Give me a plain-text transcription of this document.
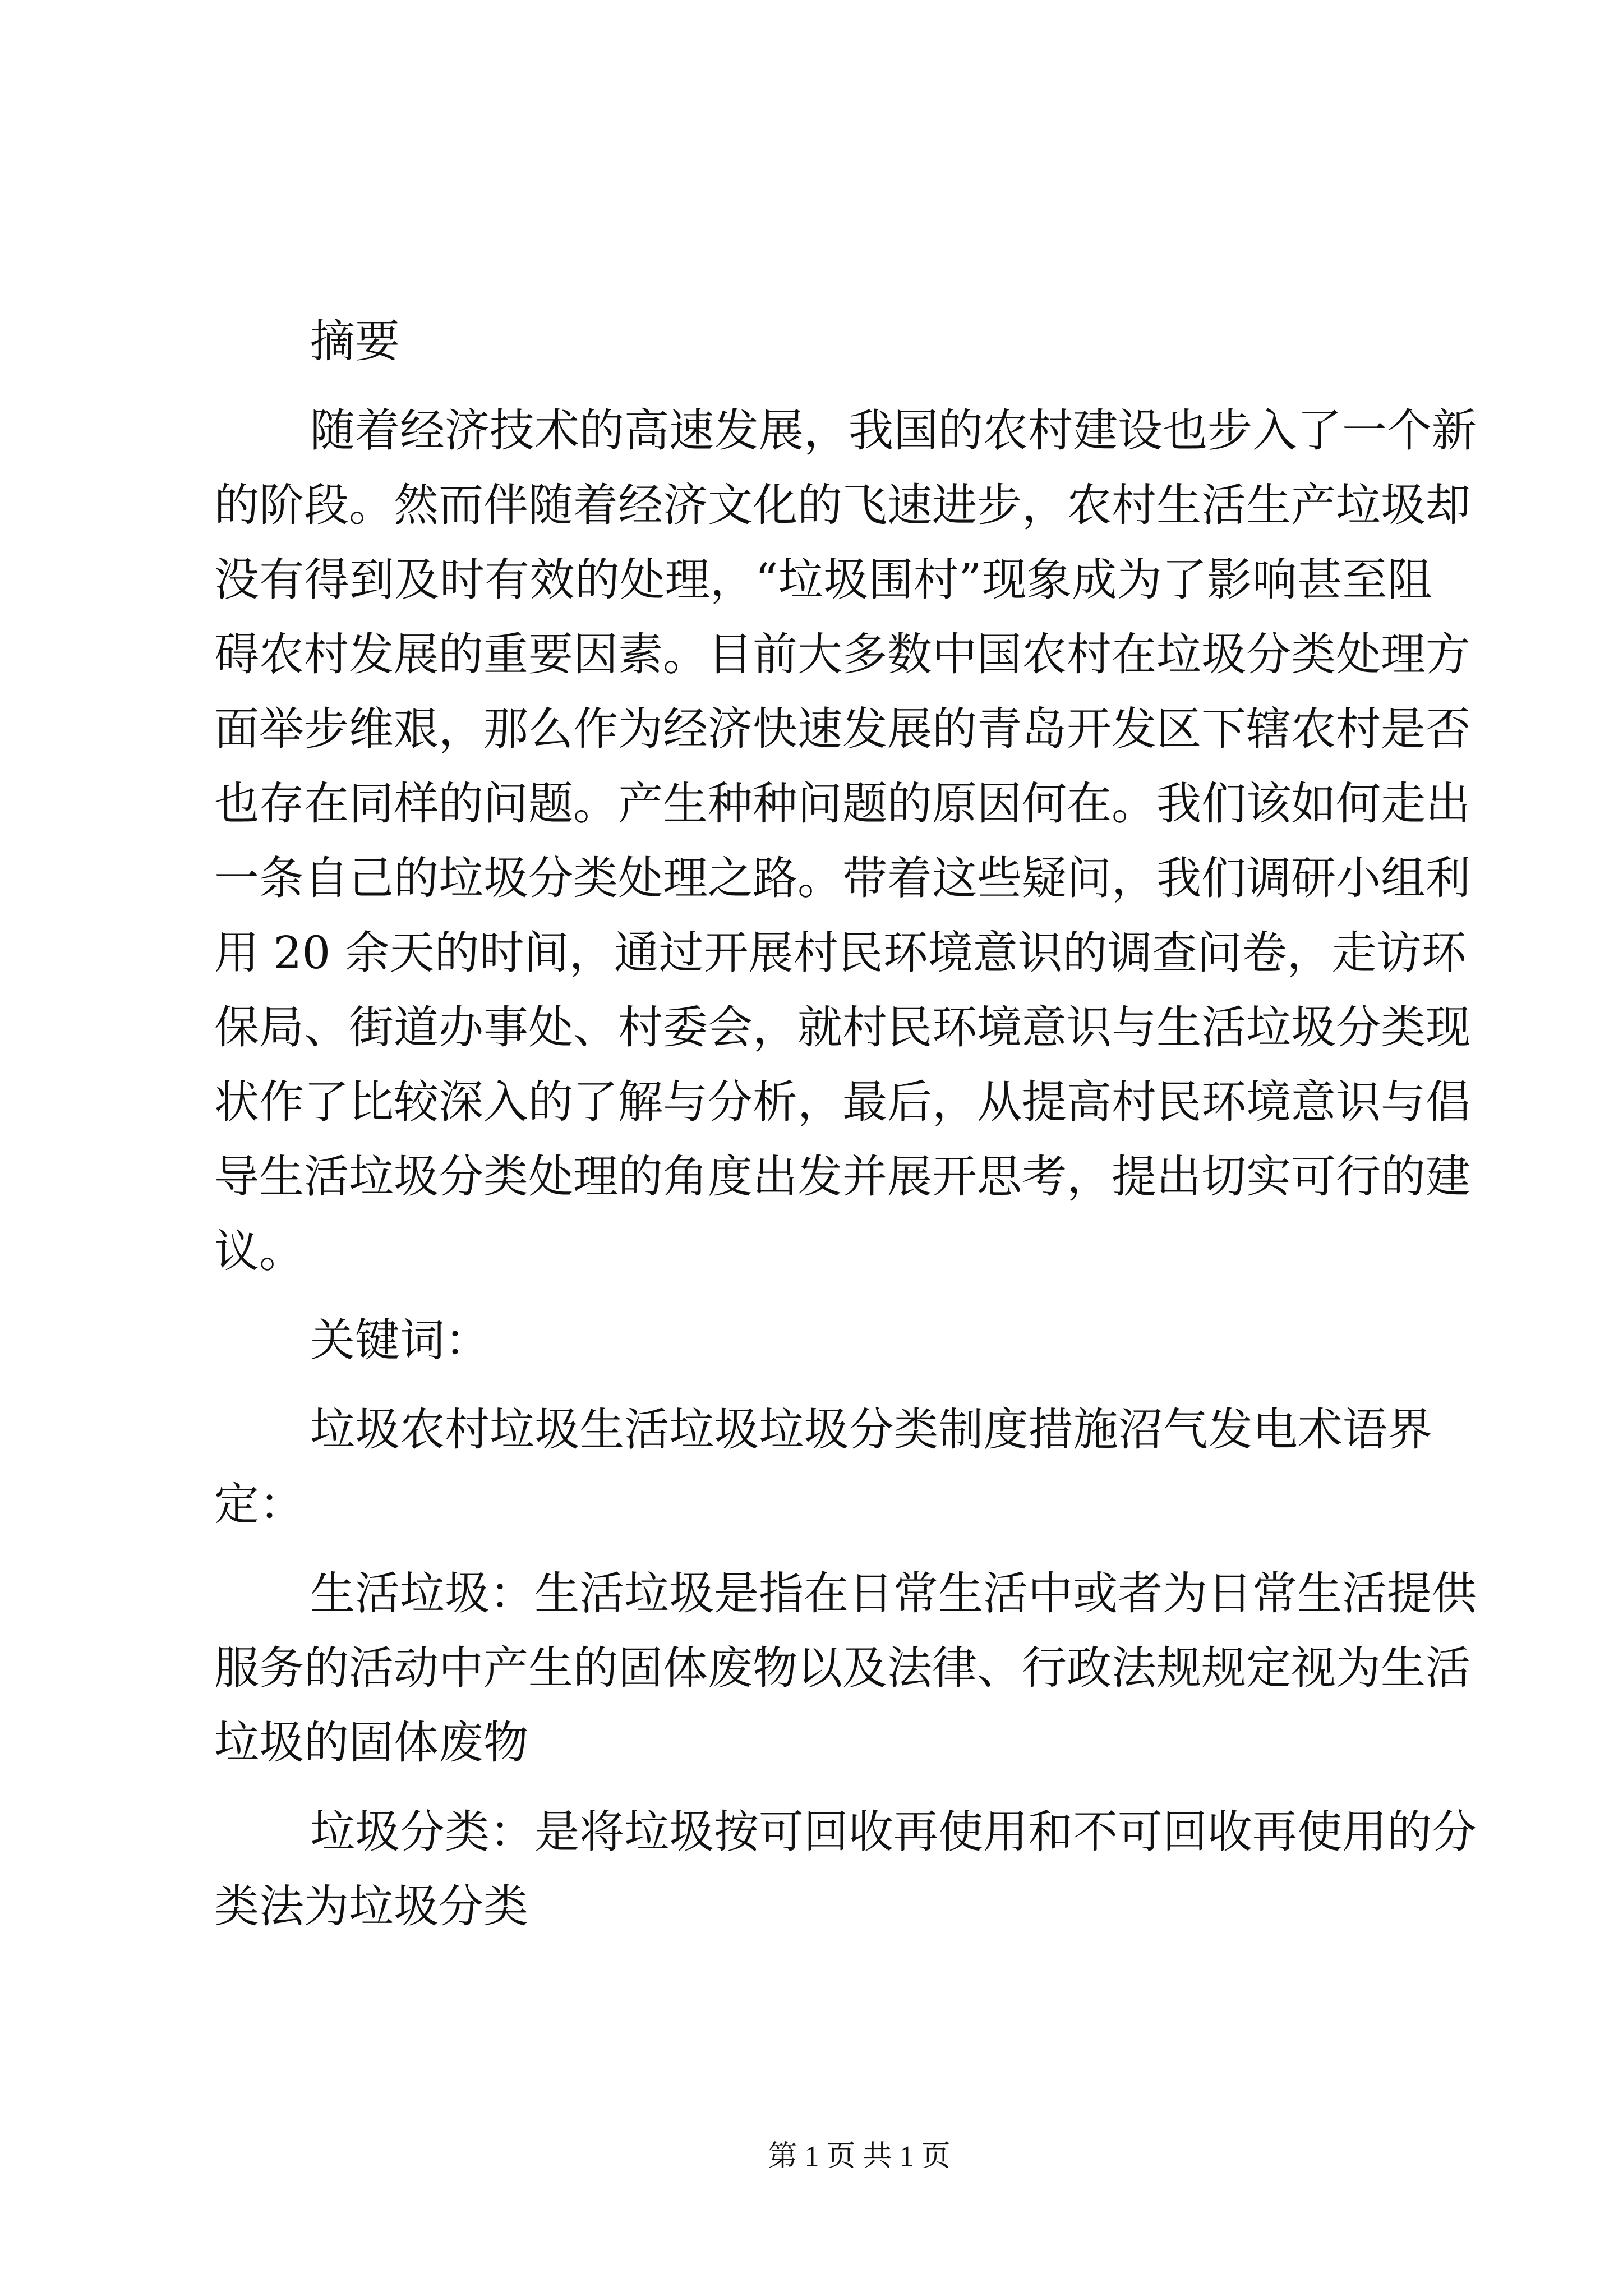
摘要
随着经济技术的高速发展，我国的农村建设也步入了一个新
的阶段。然而伴随着经济文化的飞速进步，农村生活生产垃圾却
没有得到及时有效的处理，“垃圾围村”现象成为了影响甚至阻
碍农村发展的重要因素。目前大多数中国农村在垃圾分类处理方
面举步维艰，那么作为经济快速发展的青岛开发区下辖农村是否
也存在同样的问题。产生种种问题的原因何在。我们该如何走出
一条自己的垃圾分类处理之路。带着这些疑问，我们调研小组利
用 20 余天的时间，通过开展村民环境意识的调查问卷，走访环
保局、街道办事处、村委会，就村民环境意识与生活垃圾分类现
状作了比较深入的了解与分析，最后，从提高村民环境意识与倡
导生活垃圾分类处理的角度出发并展开思考，提出切实可行的建
议。
关键词：
垃圾农村垃圾生活垃圾垃圾分类制度措施沼气发电术语界
定：
生活垃圾：生活垃圾是指在日常生活中或者为日常生活提供
服务的活动中产生的固体废物以及法律、行政法规规定视为生活
垃圾的固体废物
垃圾分类：是将垃圾按可回收再使用和不可回收再使用的分
类法为垃圾分类
第 1 页 共 1 页
